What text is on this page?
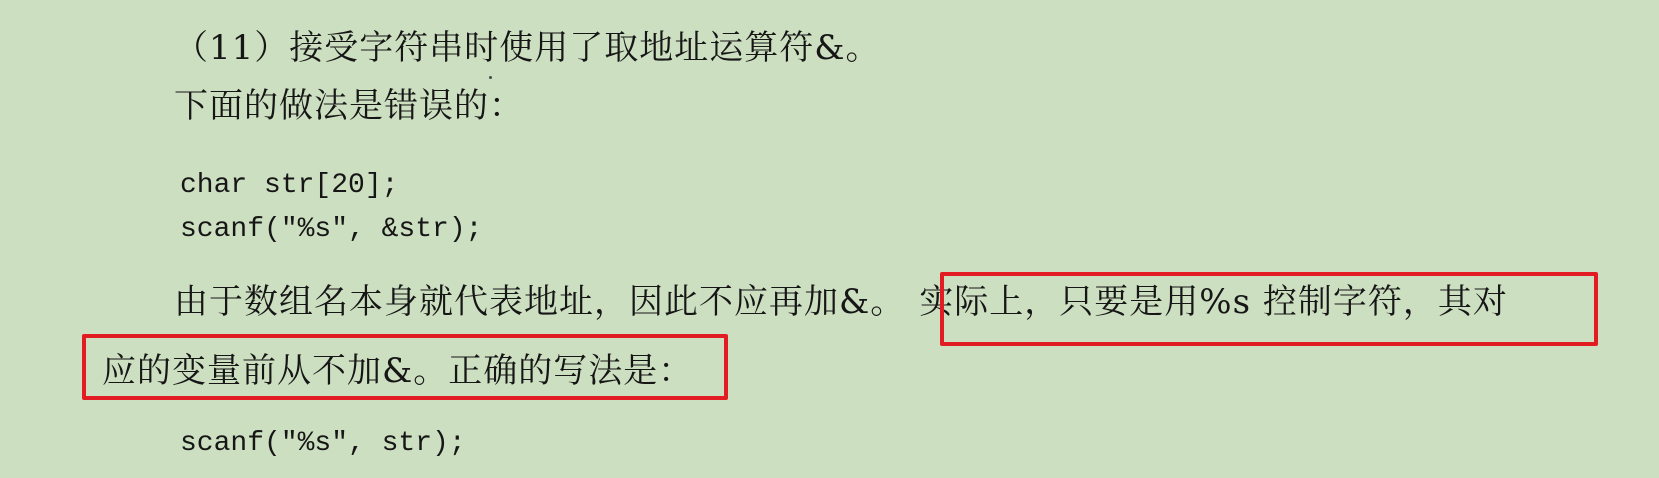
（11）接受字符串时使用了取地址运算符&。
下面的做法是错误的：
char str[20];
scanf("%s", &str);
由于数组名本身就代表地址，因此不应再加&。 实际上，只要是用%s 控制字符，其对
应的变量前从不加&。正确的写法是：
scanf("%s", str);
